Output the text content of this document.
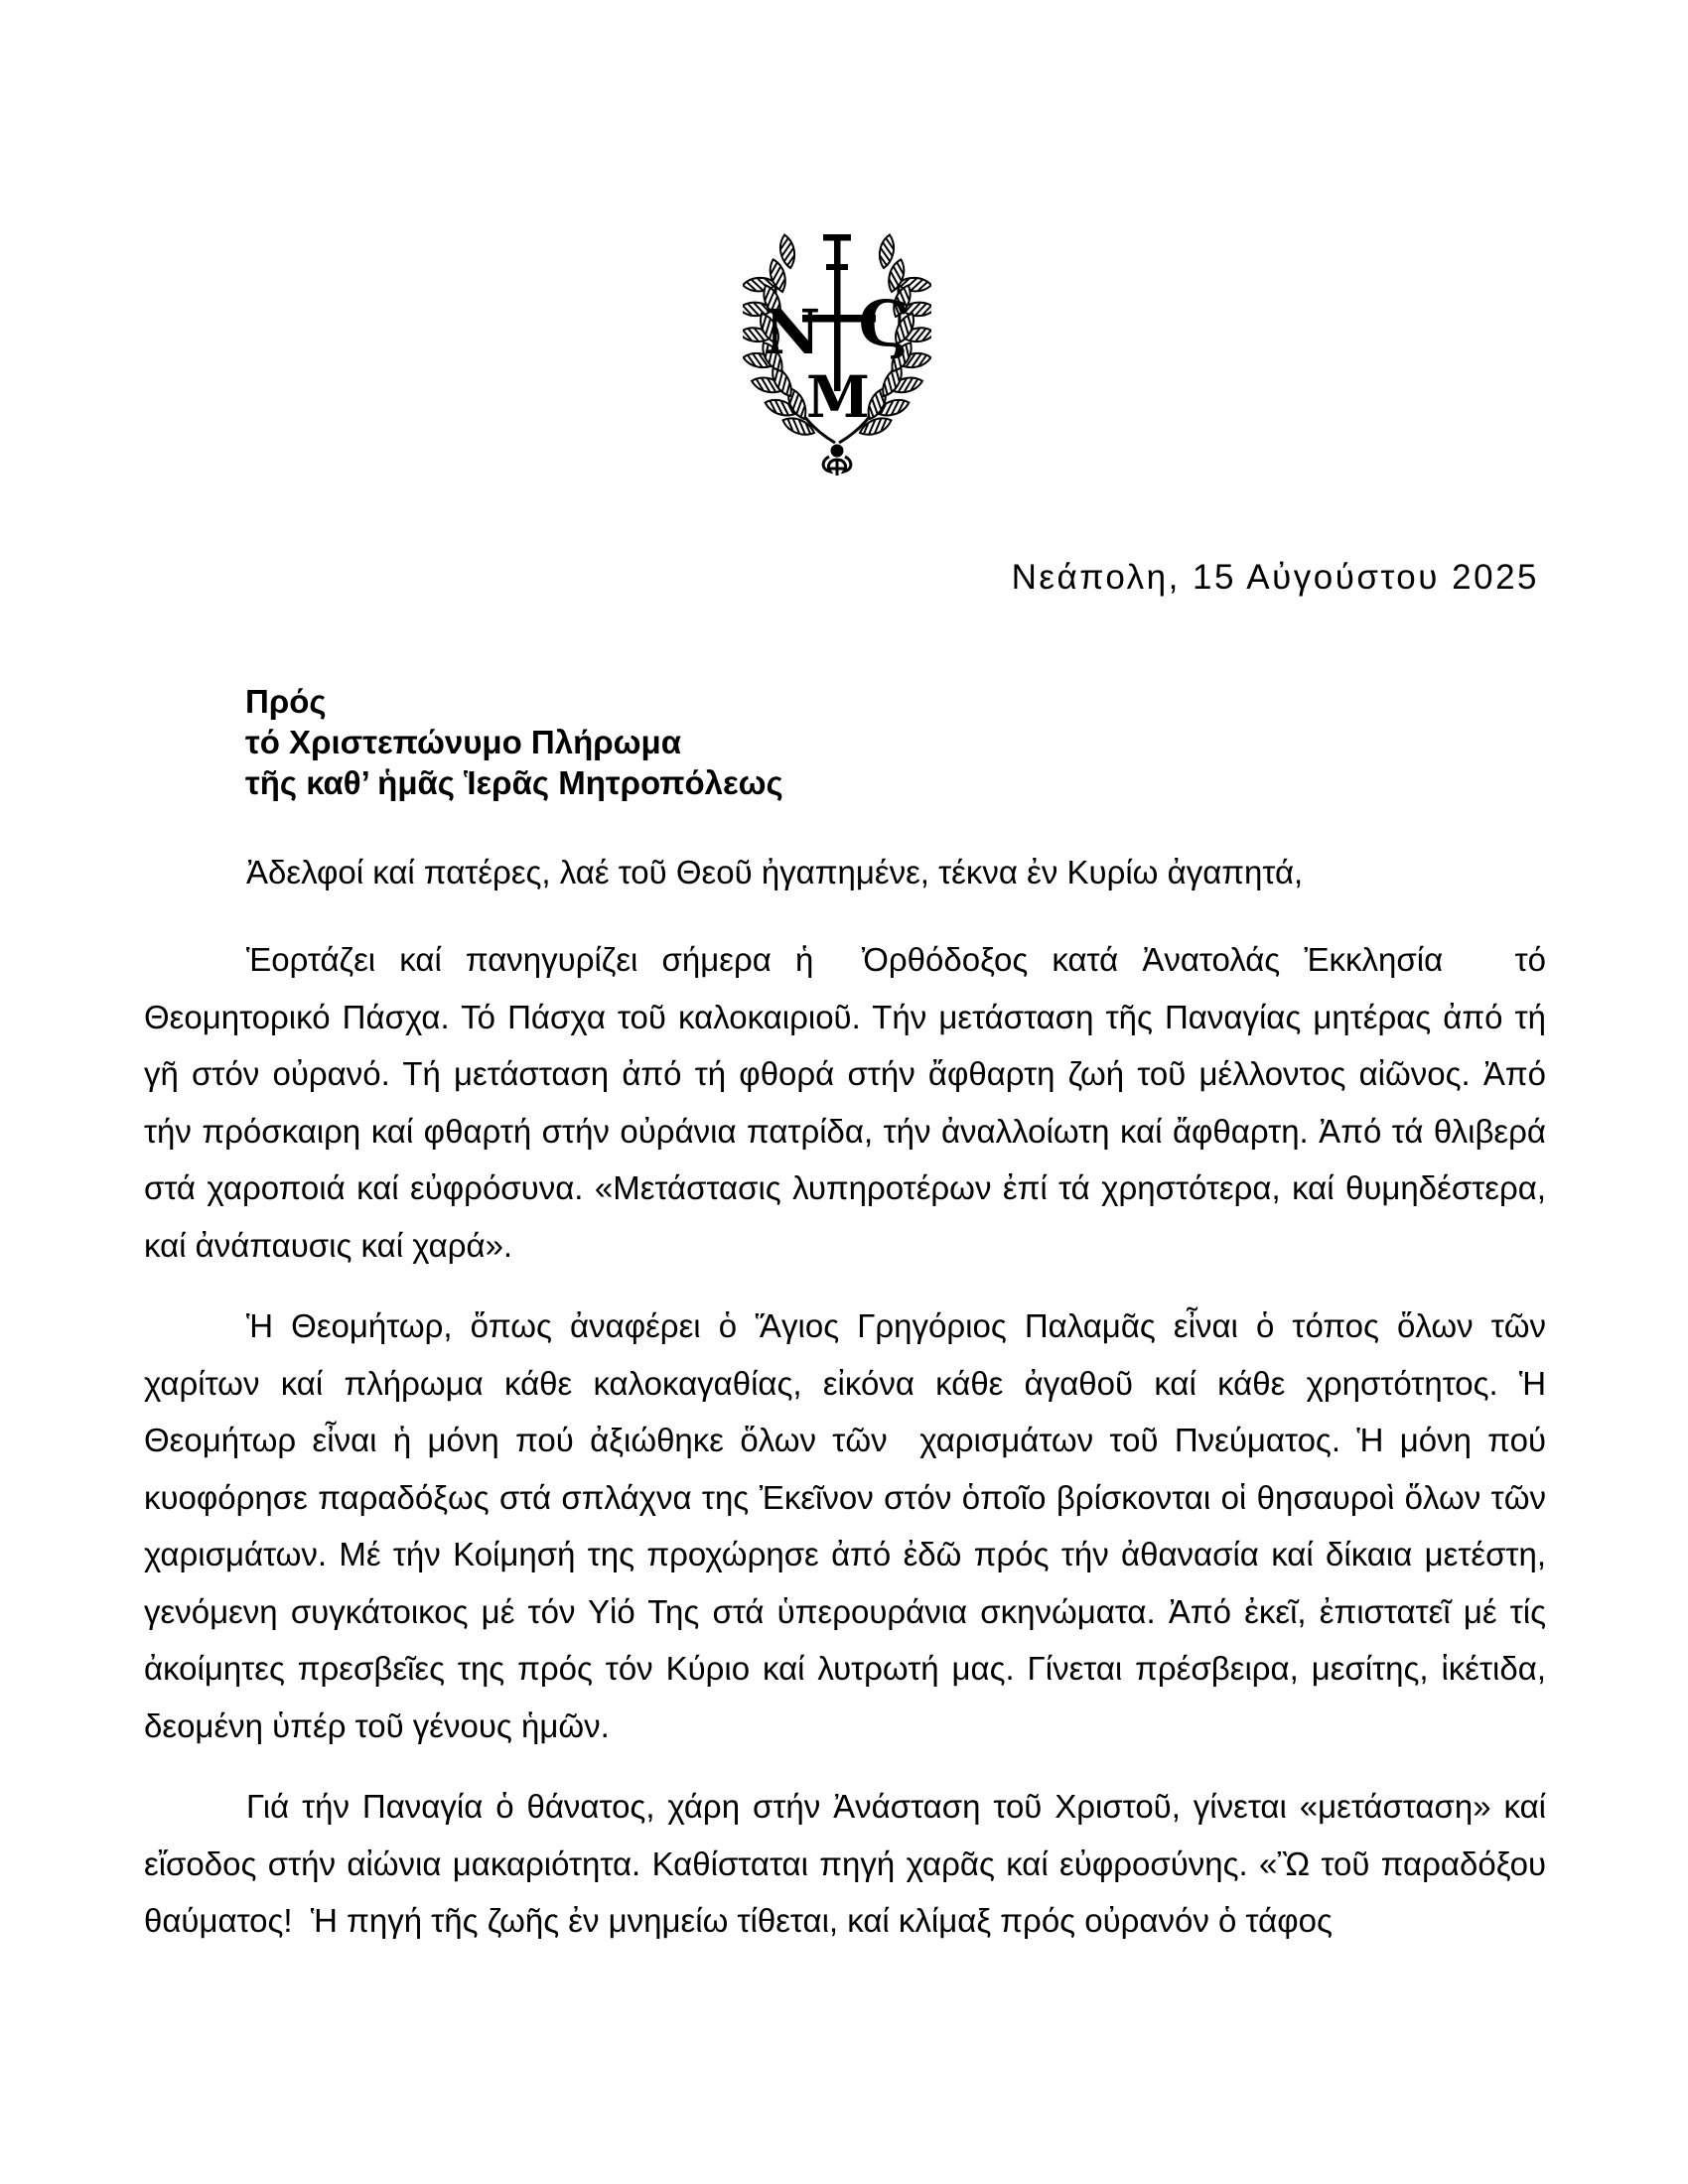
N Ϛ
M
Νεάπολη, 15 Αὐγούστου 2025
Πρός
τό Χριστεπώνυμο Πλήρωμα
τῆς καθ’ ἡμᾶς Ἱερᾶς Μητροπόλεως
Ἀδελφοί καί πατέρες, λαέ τοῦ Θεοῦ ἠγαπημένε, τέκνα ἐν Κυρίω ἀγαπητά,

Ἑορτάζει καί πανηγυρίζει σήμερα ἡ  Ὀρθόδοξος κατά Ἀνατολάς Ἐκκλησία   τό Θεομητορικό Πάσχα. Τό Πάσχα τοῦ καλοκαιριοῦ. Τήν μετάσταση τῆς Παναγίας μητέρας ἀπό τή γῆ στόν οὐρανό. Τή μετάσταση ἀπό τή φθορά στήν ἄφθαρτη ζωή τοῦ μέλλοντος αἰῶνος. Ἀπό τήν πρόσκαιρη καί φθαρτή στήν οὐράνια πατρίδα, τήν ἀναλλοίωτη καί ἄφθαρτη. Ἀπό τά θλιβερά στά χαροποιά καί εὐφρόσυνα. «Μετάστασις λυπηροτέρων ἐπί τά χρηστότερα, καί θυμηδέστερα, καί ἀνάπαυσις καί χαρά».

Ἡ Θεομήτωρ, ὅπως ἀναφέρει ὁ Ἅγιος Γρηγόριος Παλαμᾶς εἶναι ὁ τόπος ὅλων τῶν χαρίτων καί πλήρωμα κάθε καλοκαγαθίας, εἰκόνα κάθε ἀγαθοῦ καί κάθε χρηστότητος. Ἡ Θεομήτωρ εἶναι ἡ μόνη πού ἀξιώθηκε ὅλων τῶν  χαρισμάτων τοῦ Πνεύματος. Ἡ μόνη πού κυοφόρησε παραδόξως στά σπλάχνα της Ἐκεῖνον στόν ὁποῖο βρίσκονται οἱ θησαυροὶ ὅλων τῶν χαρισμάτων. Μέ τήν Κοίμησή της προχώρησε ἀπό ἐδῶ πρός τήν ἀθανασία καί δίκαια μετέστη, γενόμενη συγκάτοικος μέ τόν Υἱό Της στά ὑπερουράνια σκηνώματα. Ἀπό ἐκεῖ, ἐπιστατεῖ μέ τίς ἀκοίμητες πρεσβεῖες της πρός τόν Κύριο καί λυτρωτή μας. Γίνεται πρέσβειρα, μεσίτης, ἱκέτιδα, δεομένη ὑπέρ τοῦ γένους ἡμῶν.

Γιά τήν Παναγία ὁ θάνατος, χάρη στήν Ἀνάσταση τοῦ Χριστοῦ, γίνεται «μετάσταση» καί εἴσοδος στήν αἰώνια μακαριότητα. Καθίσταται πηγή χαρᾶς καί εὐφροσύνης. «Ὢ τοῦ παραδόξου θαύματος!  Ἡ πηγή τῆς ζωῆς ἐν μνημείω τίθεται, καί κλίμαξ πρός οὐρανόν ὁ τάφος
